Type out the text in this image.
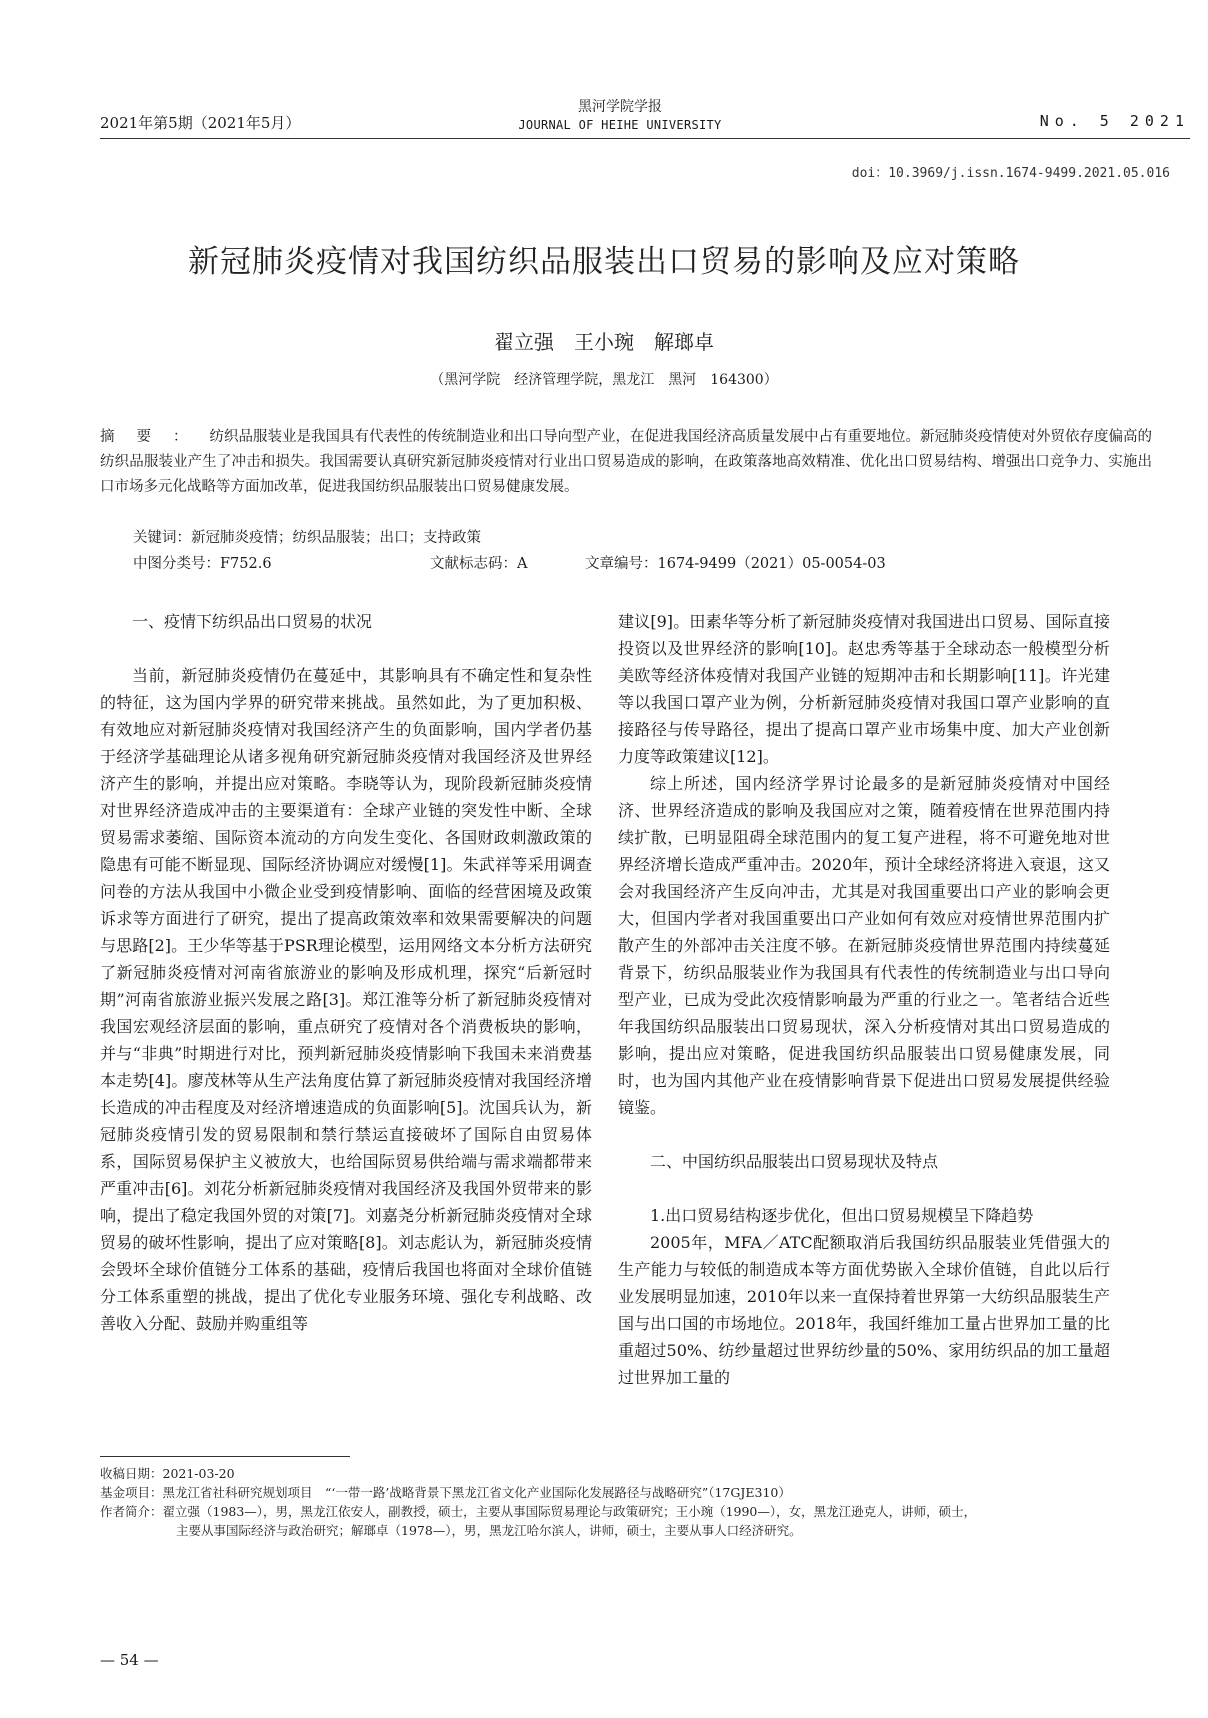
2021年第5期（2021年5月）
黑河学院学报
JOURNAL OF HEIHE UNIVERSITY	No. 5 2021
doi：10.3969/j.issn.1674-9499.2021.05.016
新冠肺炎疫情对我国纺织品服装出口贸易的影响及应对策略
翟立强　王小琬　解瑯卓
（黑河学院　经济管理学院，黑龙江　黑河　164300）
摘要：纺织品服装业是我国具有代表性的传统制造业和出口导向型产业，在促进我国经济高质量发展中占有重要地位。新冠肺炎疫情使对外贸依存度偏高的纺织品服装业产生了冲击和损失。我国需要认真研究新冠肺炎疫情对行业出口贸易造成的影响，在政策落地高效精准、优化出口贸易结构、增强出口竞争力、实施出口市场多元化战略等方面加改革，促进我国纺织品服装出口贸易健康发展。
关键词：新冠肺炎疫情；纺织品服装；出口；支持政策
中图分类号：F752.6	文献标志码：A	文章编号：1674-9499（2021）05-0054-03
一、疫情下纺织品出口贸易的状况

当前，新冠肺炎疫情仍在蔓延中，其影响具有不确定性和复杂性的特征，这为国内学界的研究带来挑战。虽然如此，为了更加积极、有效地应对新冠肺炎疫情对我国经济产生的负面影响，国内学者仍基于经济学基础理论从诸多视角研究新冠肺炎疫情对我国经济及世界经济产生的影响，并提出应对策略。李晓等认为，现阶段新冠肺炎疫情对世界经济造成冲击的主要渠道有：全球产业链的突发性中断、全球贸易需求萎缩、国际资本流动的方向发生变化、各国财政刺激政策的隐患有可能不断显现、国际经济协调应对缓慢[1]。朱武祥等采用调查问卷的方法从我国中小微企业受到疫情影响、面临的经营困境及政策诉求等方面进行了研究，提出了提高政策效率和效果需要解决的问题与思路[2]。王少华等基于PSR理论模型，运用网络文本分析方法研究了新冠肺炎疫情对河南省旅游业的影响及形成机理，探究“后新冠时期”河南省旅游业振兴发展之路[3]。郑江淮等分析了新冠肺炎疫情对我国宏观经济层面的影响，重点研究了疫情对各个消费板块的影响，并与“非典”时期进行对比，预判新冠肺炎疫情影响下我国未来消费基本走势[4]。廖茂林等从生产法角度估算了新冠肺炎疫情对我国经济增长造成的冲击程度及对经济增速造成的负面影响[5]。沈国兵认为，新冠肺炎疫情引发的贸易限制和禁行禁运直接破坏了国际自由贸易体系，国际贸易保护主义被放大，也给国际贸易供给端与需求端都带来严重冲击[6]。刘花分析新冠肺炎疫情对我国经济及我国外贸带来的影响，提出了稳定我国外贸的对策[7]。刘嘉尧分析新冠肺炎疫情对全球贸易的破坏性影响，提出了应对策略[8]。刘志彪认为，新冠肺炎疫情会毁坏全球价值链分工体系的基础，疫情后我国也将面对全球价值链分工体系重塑的挑战，提出了优化专业服务环境、强化专利战略、改善收入分配、鼓励并购重组等

建议[9]。田素华等分析了新冠肺炎疫情对我国进出口贸易、国际直接投资以及世界经济的影响[10]。赵忠秀等基于全球动态一般模型分析美欧等经济体疫情对我国产业链的短期冲击和长期影响[11]。许光建等以我国口罩产业为例，分析新冠肺炎疫情对我国口罩产业影响的直接路径与传导路径，提出了提高口罩产业市场集中度、加大产业创新力度等政策建议[12]。

综上所述，国内经济学界讨论最多的是新冠肺炎疫情对中国经济、世界经济造成的影响及我国应对之策，随着疫情在世界范围内持续扩散，已明显阻碍全球范围内的复工复产进程，将不可避免地对世界经济增长造成严重冲击。2020年，预计全球经济将进入衰退，这又会对我国经济产生反向冲击，尤其是对我国重要出口产业的影响会更大，但国内学者对我国重要出口产业如何有效应对疫情世界范围内扩散产生的外部冲击关注度不够。在新冠肺炎疫情世界范围内持续蔓延背景下，纺织品服装业作为我国具有代表性的传统制造业与出口导向型产业，已成为受此次疫情影响最为严重的行业之一。笔者结合近些年我国纺织品服装出口贸易现状，深入分析疫情对其出口贸易造成的影响，提出应对策略，促进我国纺织品服装出口贸易健康发展，同时，也为国内其他产业在疫情影响背景下促进出口贸易发展提供经验镜鉴。

二、中国纺织品服装出口贸易现状及特点

1.出口贸易结构逐步优化，但出口贸易规模呈下降趋势

2005年，MFA／ATC配额取消后我国纺织品服装业凭借强大的生产能力与较低的制造成本等方面优势嵌入全球价值链，自此以后行业发展明显加速，2010年以来一直保持着世界第一大纺织品服装生产国与出口国的市场地位。2018年，我国纤维加工量占世界加工量的比重超过50%、纺纱量超过世界纺纱量的50%、家用纺织品的加工量超过世界加工量的

收稿日期：2021-03-20
基金项目：黑龙江省社科研究规划项目　“‘一带一路’战略背景下黑龙江省文化产业国际化发展路径与战略研究”（17GJE310）
作者简介：翟立强（1983—），男，黑龙江依安人，副教授，硕士，主要从事国际贸易理论与政策研究；王小琬（1990—），女，黑龙江逊克人，讲师，硕士，
主要从事国际经济与政治研究；解瑯卓（1978—），男，黑龙江哈尔滨人，讲师，硕士，主要从事人口经济研究。
— 54 —
